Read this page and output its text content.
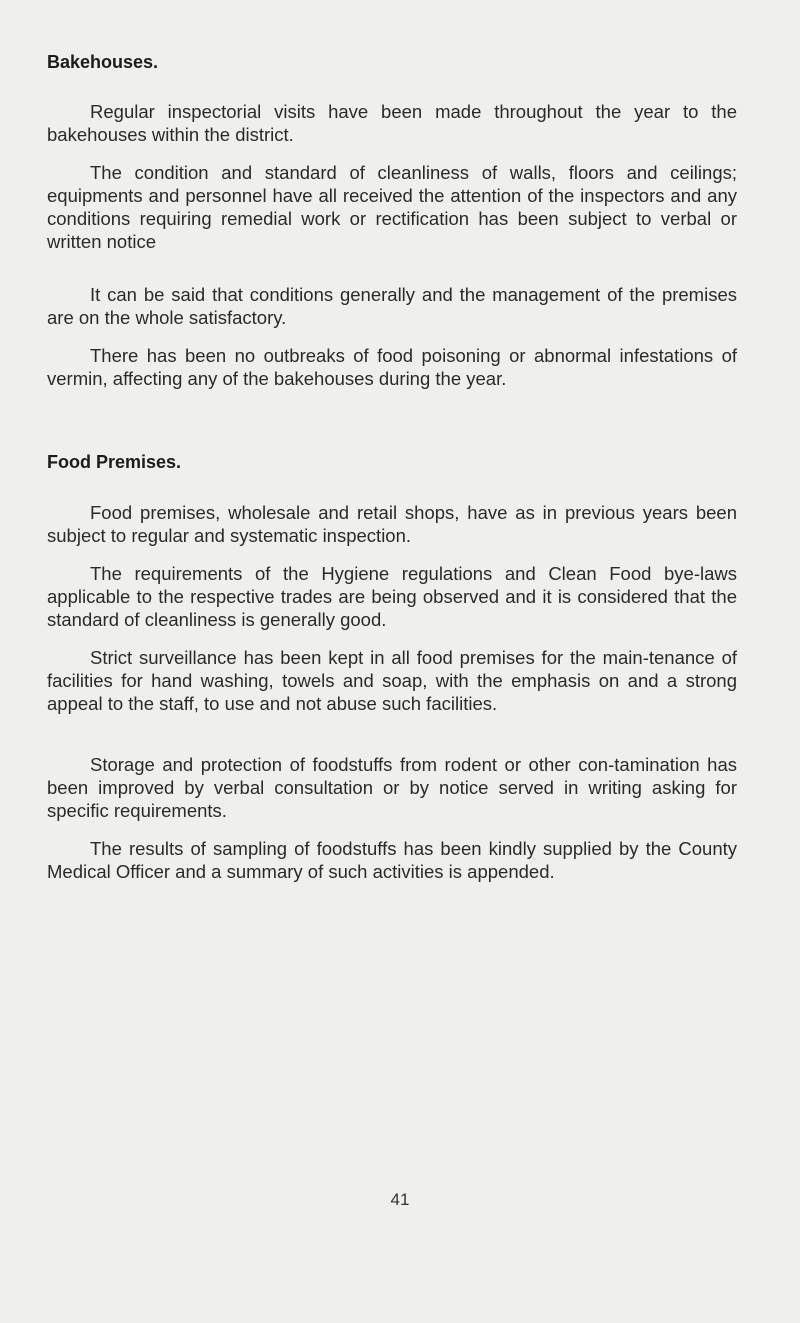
Bakehouses.

Regular inspectorial visits have been made throughout the year to the bakehouses within the district.

The condition and standard of cleanliness of walls, floors and ceilings; equipments and personnel have all received the attention of the inspectors and any conditions requiring remedial work or rectification has been subject to verbal or written notice

It can be said that conditions generally and the management of the premises are on the whole satisfactory.

There has been no outbreaks of food poisoning or abnormal infestations of vermin, affecting any of the bakehouses during the year.

Food Premises.

Food premises, wholesale and retail shops, have as in previous years been subject to regular and systematic inspection.

The requirements of the Hygiene regulations and Clean Food bye-laws applicable to the respective trades are being observed and it is considered that the standard of cleanliness is generally good.

Strict surveillance has been kept in all food premises for the main-tenance of facilities for hand washing, towels and soap, with the emphasis on and a strong appeal to the staff, to use and not abuse such facilities.

Storage and protection of foodstuffs from rodent or other con-tamination has been improved by verbal consultation or by notice served in writing asking for specific requirements.

The results of sampling of foodstuffs has been kindly supplied by the County Medical Officer and a summary of such activities is appended.

41
